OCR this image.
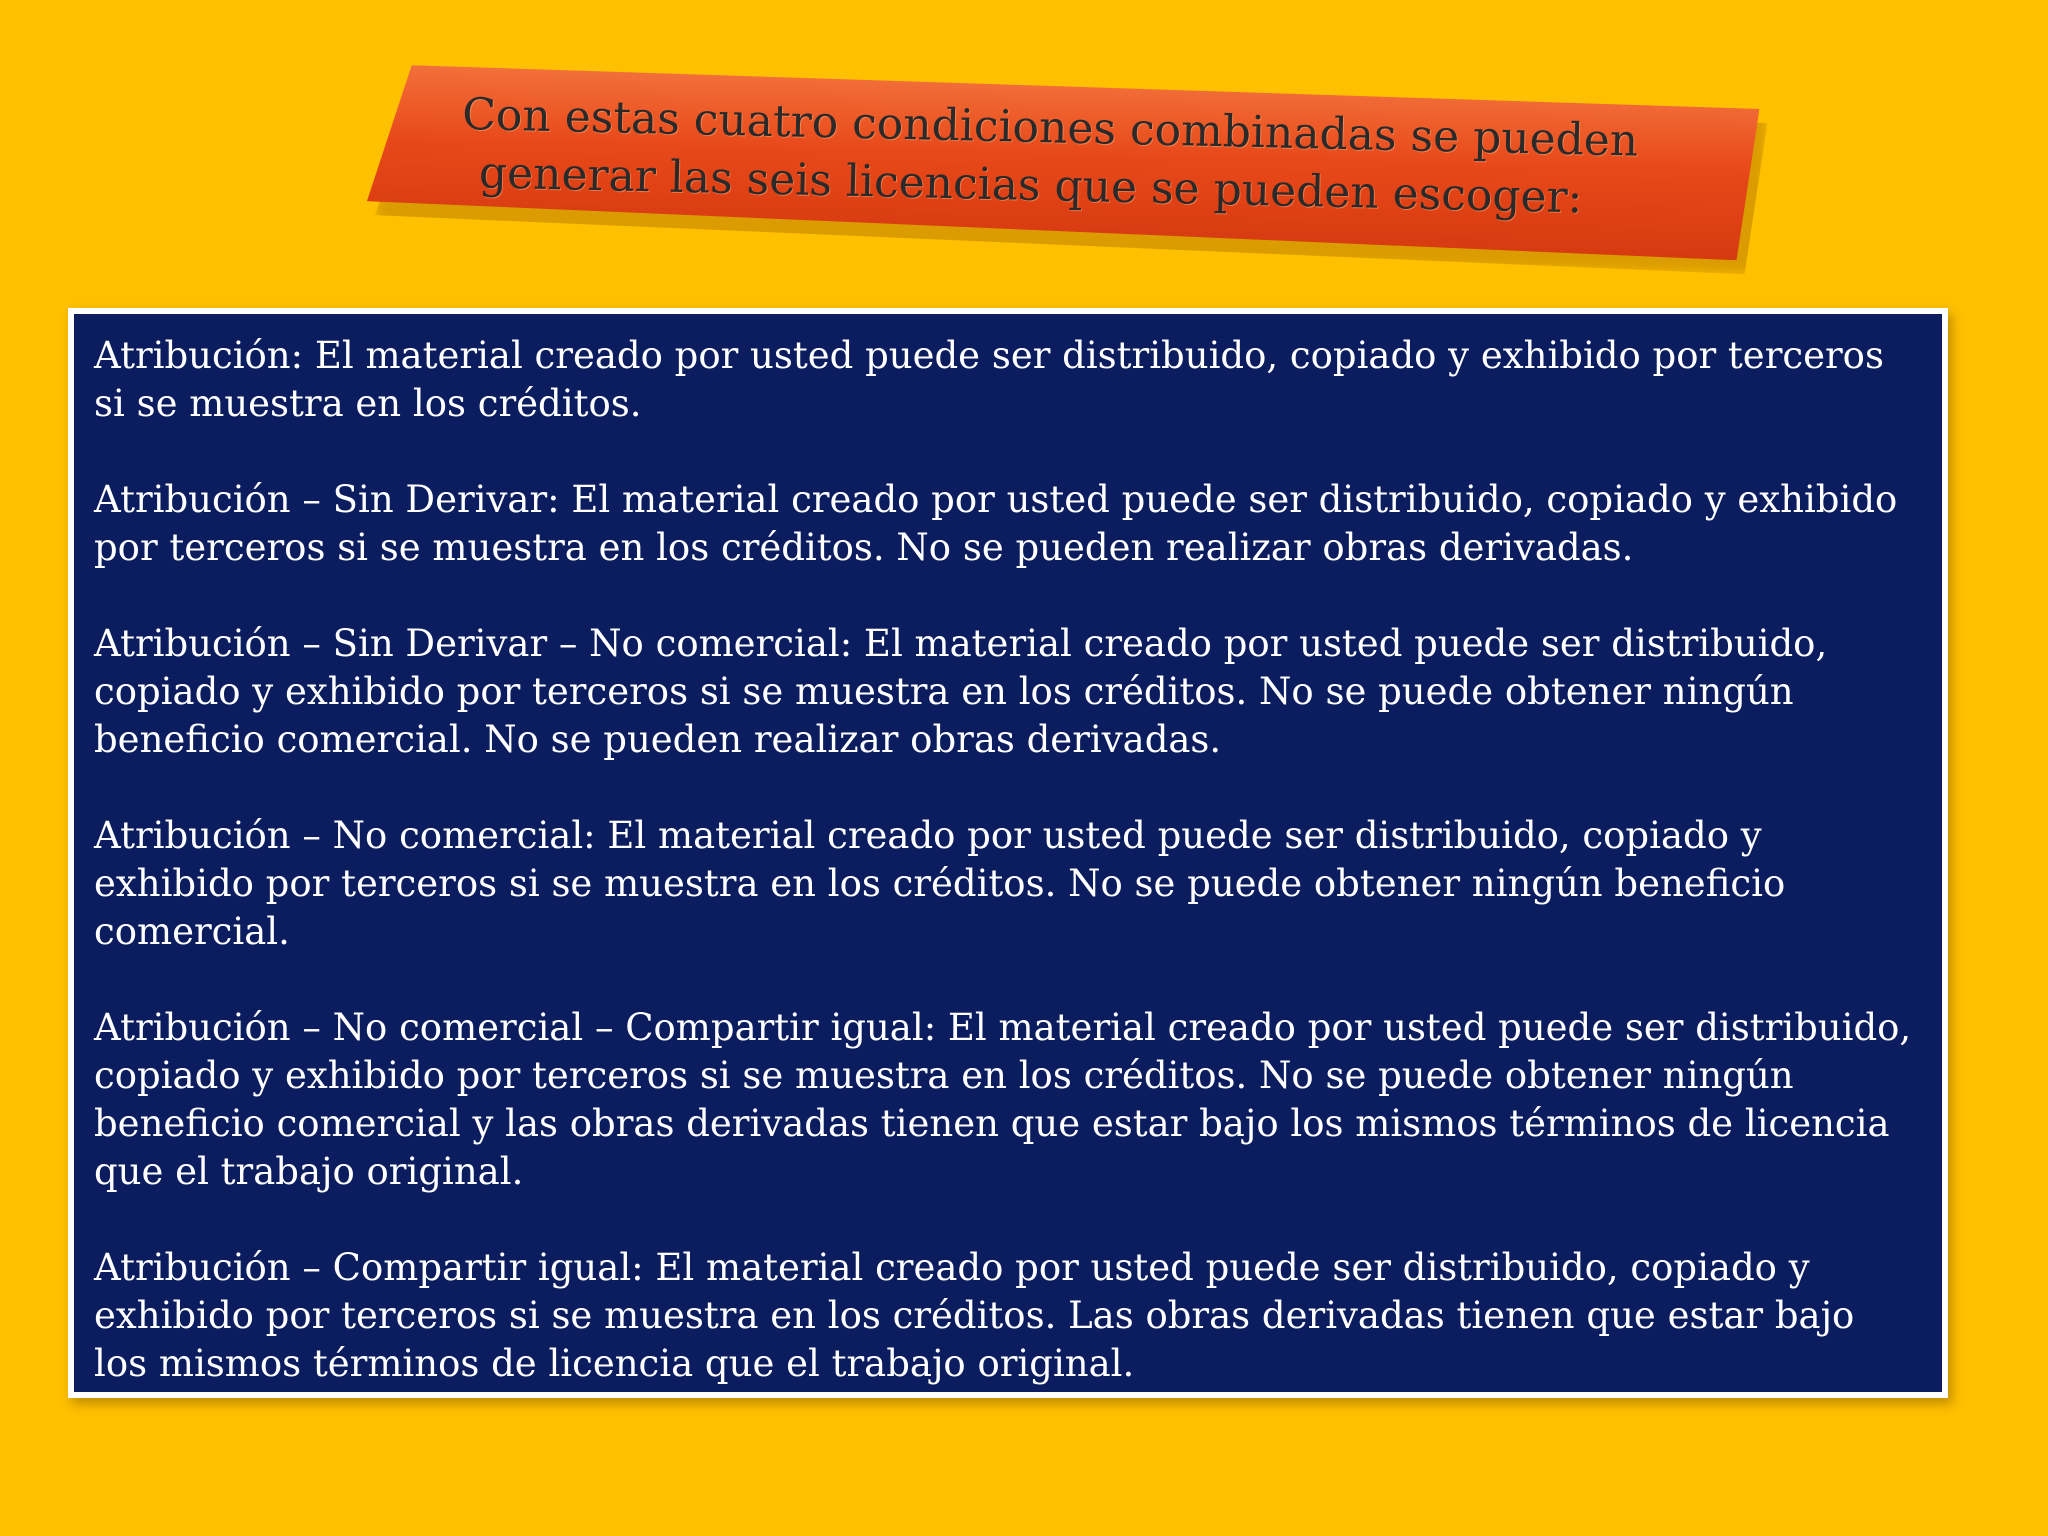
Con estas cuatro condiciones combinadas se pueden
generar las seis licencias que se pueden escoger:

Atribución: El material creado por usted puede ser distribuido, copiado y exhibido por terceros si se muestra en los créditos.

Atribución – Sin Derivar: El material creado por usted puede ser distribuido, copiado y exhibido por terceros si se muestra en los créditos. No se pueden realizar obras derivadas.

Atribución – Sin Derivar – No comercial: El material creado por usted puede ser distribuido, copiado y exhibido por terceros si se muestra en los créditos. No se puede obtener ningún beneficio comercial. No se pueden realizar obras derivadas.

Atribución – No comercial: El material creado por usted puede ser distribuido, copiado y exhibido por terceros si se muestra en los créditos. No se puede obtener ningún beneficio comercial.

Atribución – No comercial – Compartir igual: El material creado por usted puede ser distribuido, copiado y exhibido por terceros si se muestra en los créditos. No se puede obtener ningún beneficio comercial y las obras derivadas tienen que estar bajo los mismos términos de licencia que el trabajo original.

Atribución – Compartir igual: El material creado por usted puede ser distribuido, copiado y exhibido por terceros si se muestra en los créditos. Las obras derivadas tienen que estar bajo los mismos términos de licencia que el trabajo original.
